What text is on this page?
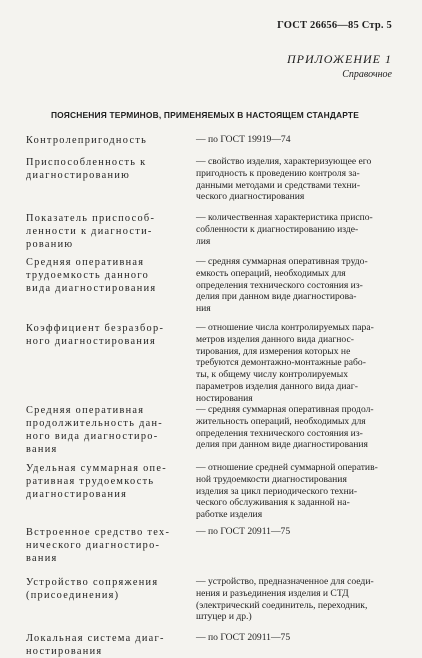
ГОСТ 26656—85 Стр. 5
ПРИЛОЖЕНИЕ 1
Справочное
ПОЯСНЕНИЯ ТЕРМИНОВ, ПРИМЕНЯЕМЫХ В НАСТОЯЩЕМ СТАНДАРТЕ
Контролепригодность	— по ГОСТ 19919—74
Приспособленность к
диагностированию
— свойство изделия, характеризующее его
пригодность к проведению контроля за-
данными методами и средствами техни-
ческого диагностирования
Показатель приспособ-
ленности к диагности-
рованию
— количественная характеристика приспо-
собленности к диагностированию изде-
лия
Средняя оперативная
трудоемкость данного
вида диагностирования
— средняя суммарная оперативная трудо-
емкость операций, необходимых для
определения технического состояния из-
делия при данном виде диагностирова-
ния
Коэффициент безразбор-
ного диагностирования
— отношение числа контролируемых пара-
метров изделия данного вида диагнос-
тирования, для измерения которых не
требуются демонтажно-монтажные рабо-
ты, к общему числу контролируемых
параметров изделия данного вида диаг-
ностирования
Средняя оперативная
продолжительность дан-
ного вида диагностиро-
вания
— средняя суммарная оперативная продол-
жительность операций, необходимых для
определения технического состояния из-
делия при данном виде диагностирования
Удельная суммарная опе-
ративная трудоемкость
диагностирования
— отношение средней суммарной оператив-
ной трудоемкости диагностирования
изделия за цикл периодического техни-
ческого обслуживания к заданной на-
работке изделия
Встроенное средство тех-
нического диагностиро-
вания
— по ГОСТ 20911—75
Устройство сопряжения
(присоединения)
— устройство, предназначенное для соеди-
нения и разъединения изделия и СТД
(электрический соединитель, переходник,
штуцер и др.)
Локальная система диаг-
ностирования
— по ГОСТ 20911—75
